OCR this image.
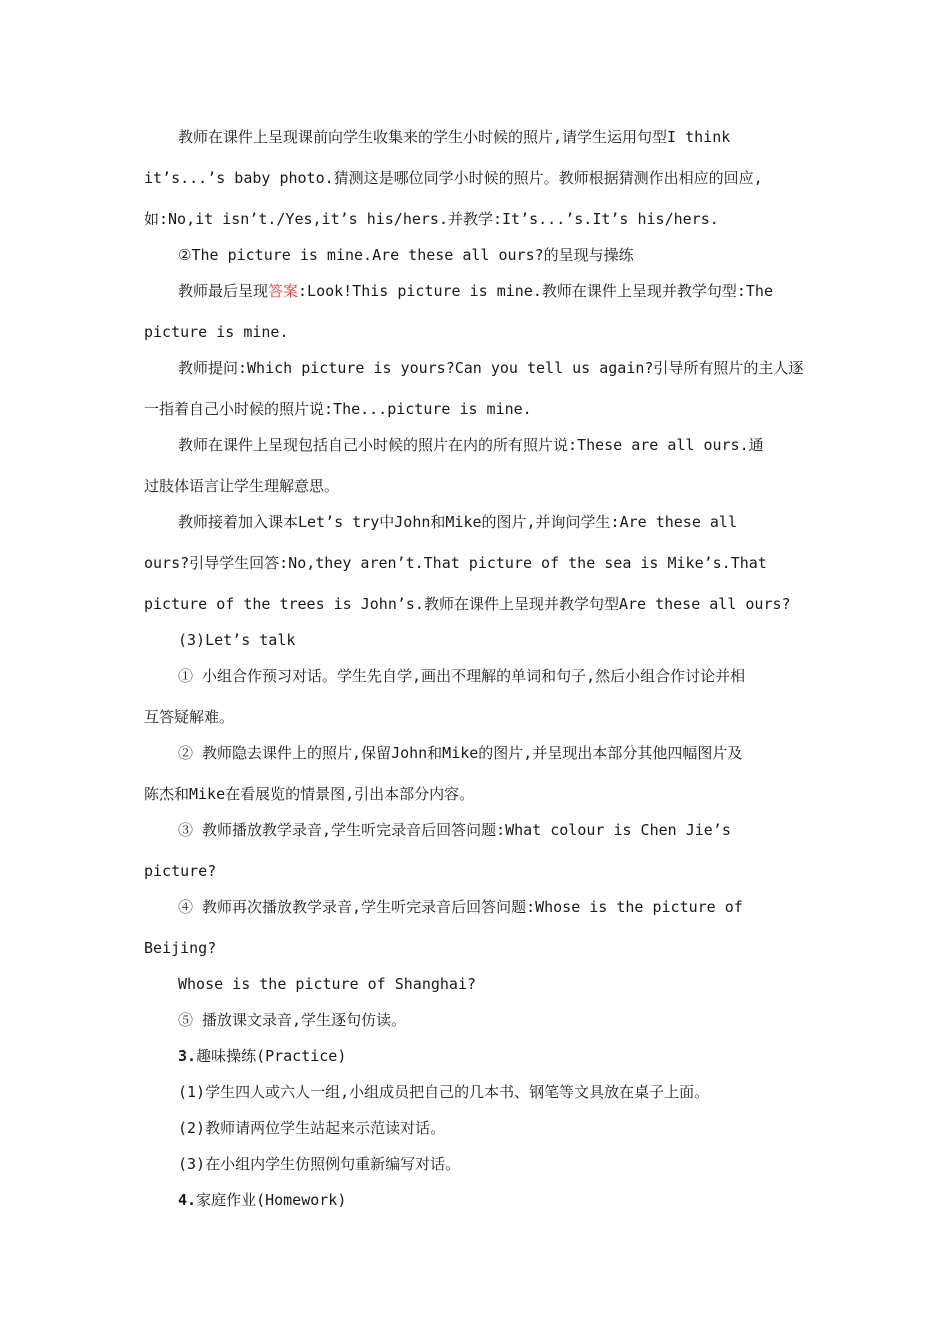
教师在课件上呈现课前向学生收集来的学生小时候的照片,请学生运用句型I think
it’s...’s baby photo.猜测这是哪位同学小时候的照片。教师根据猜测作出相应的回应,
如:No,it isn’t./Yes,it’s his/hers.并教学:It’s...’s.It’s his/hers.
②The picture is mine.Are these all ours?的呈现与操练
教师最后呈现答案:Look!This picture is mine.教师在课件上呈现并教学句型:The
picture is mine.
教师提问:Which picture is yours?Can you tell us again?引导所有照片的主人逐
一指着自己小时候的照片说:The...picture is mine.
教师在课件上呈现包括自己小时候的照片在内的所有照片说:These are all ours.通
过肢体语言让学生理解意思。
教师接着加入课本Let’s try中John和Mike的图片,并询问学生:Are these all
ours?引导学生回答:No,they aren’t.That picture of the sea is Mike’s.That
picture of the trees is John’s.教师在课件上呈现并教学句型Are these all ours?
(3)Let’s talk
① 小组合作预习对话。学生先自学,画出不理解的单词和句子,然后小组合作讨论并相
互答疑解难。
② 教师隐去课件上的照片,保留John和Mike的图片,并呈现出本部分其他四幅图片及
陈杰和Mike在看展览的情景图,引出本部分内容。
③ 教师播放教学录音,学生听完录音后回答问题:What colour is Chen Jie’s
picture?
④ 教师再次播放教学录音,学生听完录音后回答问题:Whose is the picture of
Beijing?
Whose is the picture of Shanghai?
⑤ 播放课文录音,学生逐句仿读。
3.趣味操练(Practice)
(1)学生四人或六人一组,小组成员把自己的几本书、钢笔等文具放在桌子上面。
(2)教师请两位学生站起来示范读对话。
(3)在小组内学生仿照例句重新编写对话。
4.家庭作业(Homework)
